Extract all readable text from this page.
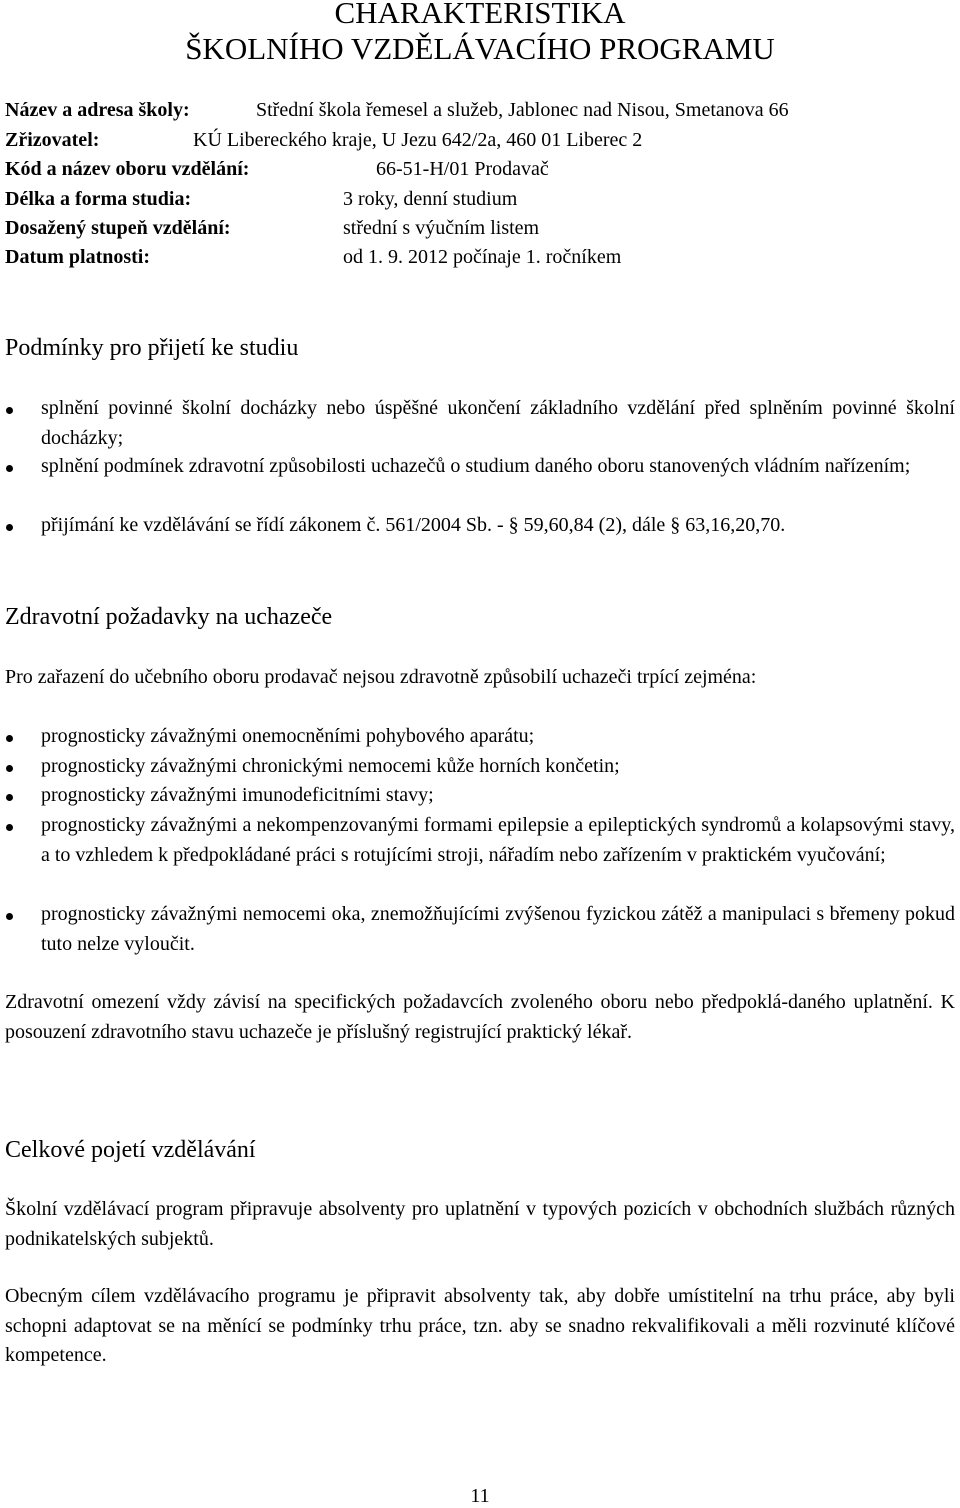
CHARAKTERISTIKA
ŠKOLNÍHO VZDĚLÁVACÍHO PROGRAMU
Název a adresa školy:	Střední škola řemesel a služeb, Jablonec nad Nisou, Smetanova 66
Zřizovatel:	KÚ Libereckého kraje, U Jezu 642/2a, 460 01 Liberec 2
Kód a název oboru vzdělání:	66-51-H/01 Prodavač
Délka a forma studia:	3 roky, denní studium
Dosažený stupeň vzdělání:	střední s výučním listem
Datum platnosti:	od 1. 9. 2012 počínaje 1. ročníkem
Podmínky pro přijetí ke studiu
splnění povinné školní docházky nebo úspěšné ukončení základního vzdělání před splněním povinné školní docházky;
splnění podmínek zdravotní způsobilosti uchazečů o studium daného oboru stanovených vládním nařízením;
přijímání ke vzdělávání se řídí zákonem č. 561/2004 Sb. - § 59,60,84 (2), dále § 63,16,20,70.
Zdravotní požadavky na uchazeče
Pro zařazení do učebního oboru prodavač nejsou zdravotně způsobilí uchazeči trpící zejména:
prognosticky závažnými onemocněními pohybového aparátu;
prognosticky závažnými chronickými nemocemi kůže horních končetin;
prognosticky závažnými imunodeficitními stavy;
prognosticky závažnými a nekompenzovanými formami epilepsie a epileptických syndromů a kolapsovými stavy, a to vzhledem k předpokládané práci s rotujícími stroji, nářadím nebo zařízením v praktickém vyučování;
prognosticky závažnými nemocemi oka, znemožňujícími zvýšenou fyzickou zátěž a manipulaci s břemeny pokud tuto nelze vyloučit.
Zdravotní omezení vždy závisí na specifických požadavcích zvoleného oboru nebo předpoklá-daného uplatnění. K posouzení zdravotního stavu uchazeče je příslušný registrující praktický lékař.
Celkové pojetí vzdělávání
Školní vzdělávací program připravuje absolventy pro uplatnění v typových pozicích v obchodních službách různých podnikatelských subjektů.
Obecným cílem vzdělávacího programu je připravit absolventy tak, aby dobře umístitelní na trhu práce, aby byli schopni adaptovat se na měnící se podmínky trhu práce, tzn. aby se snadno rekvalifikovali a měli rozvinuté klíčové kompetence.
11
